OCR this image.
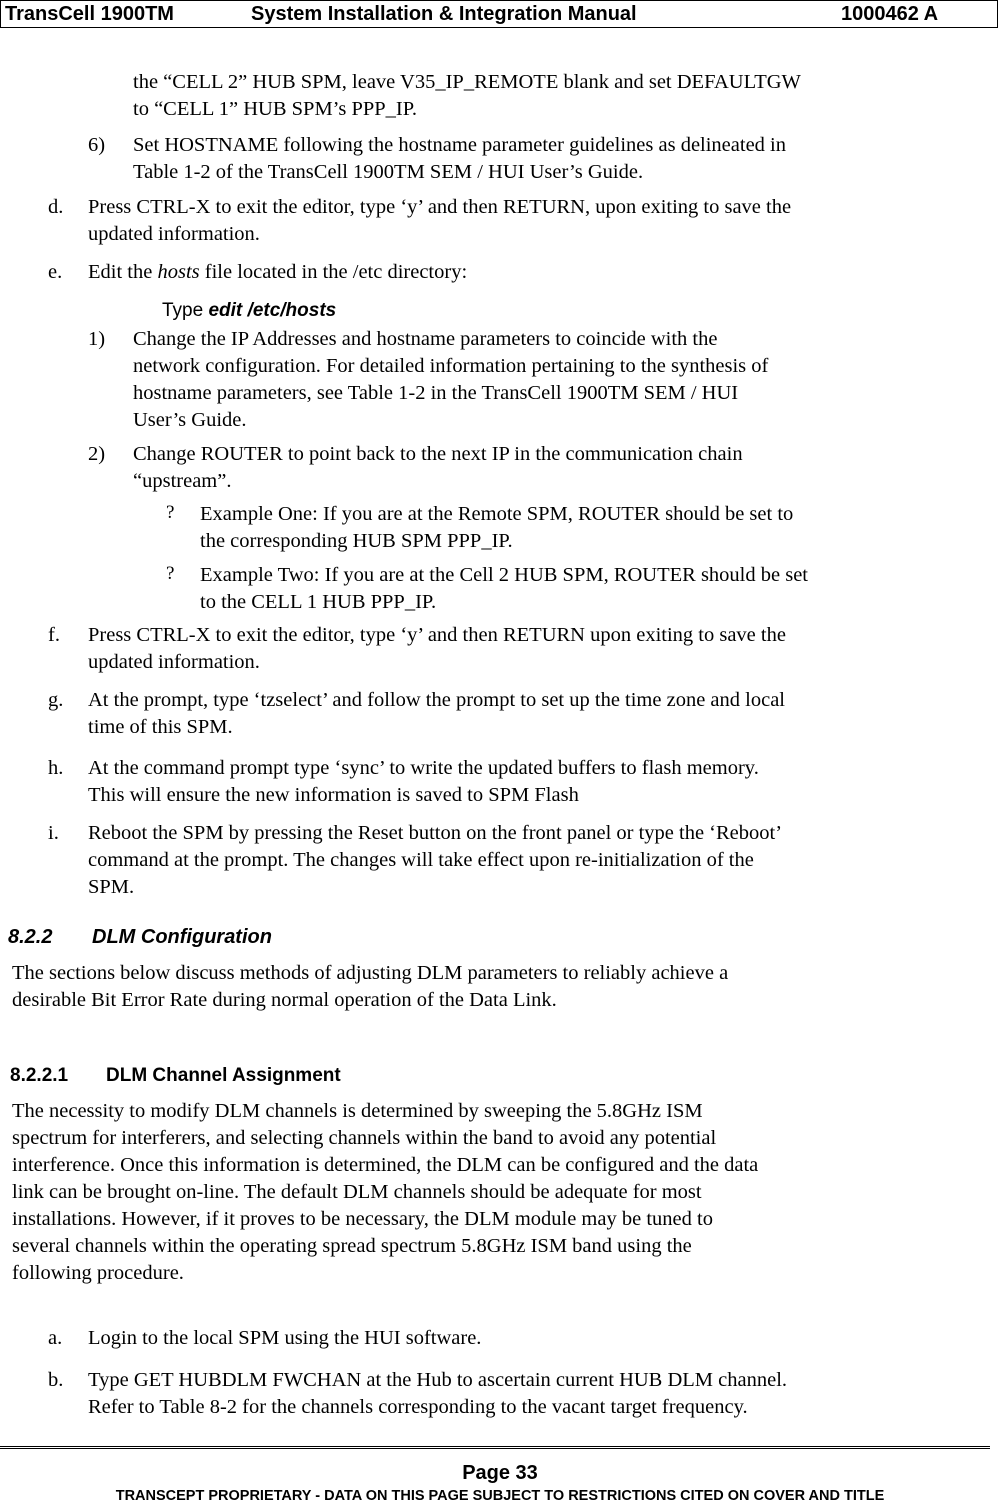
TransCell 1900TM	System Installation & Integration Manual	1000462 A
the “CELL 2” HUB SPM, leave V35_IP_REMOTE blank and set DEFAULTGW
to “CELL 1” HUB SPM’s PPP_IP.
6) Set HOSTNAME following the hostname parameter guidelines as delineated in
Table 1-2 of the TransCell 1900TM SEM / HUI User’s Guide.
d. Press CTRL-X to exit the editor, type ‘y’ and then RETURN, upon exiting to save the
updated information.
e. Edit the hosts file located in the /etc directory:
Type edit /etc/hosts
1) Change the IP Addresses and hostname parameters to coincide with the
network configuration. For detailed information pertaining to the synthesis of
hostname parameters, see Table 1-2 in the TransCell 1900TM SEM / HUI
User’s Guide.
2) Change ROUTER to point back to the next IP in the communication chain
“upstream”.
? Example One: If you are at the Remote SPM, ROUTER should be set to
the corresponding HUB SPM PPP_IP.
? Example Two: If you are at the Cell 2 HUB SPM, ROUTER should be set
to the CELL 1 HUB PPP_IP.
f. Press CTRL-X to exit the editor, type ‘y’ and then RETURN upon exiting to save the
updated information.
g. At the prompt, type ‘tzselect’ and follow the prompt to set up the time zone and local
time of this SPM.
h. At the command prompt type ‘sync’ to write the updated buffers to flash memory.
This will ensure the new information is saved to SPM Flash
i. Reboot the SPM by pressing the Reset button on the front panel or type the ‘Reboot’
command at the prompt. The changes will take effect upon re-initialization of the
SPM.
8.2.2 DLM Configuration
The sections below discuss methods of adjusting DLM parameters to reliably achieve a
desirable Bit Error Rate during normal operation of the Data Link.
8.2.2.1 DLM Channel Assignment
The necessity to modify DLM channels is determined by sweeping the 5.8GHz ISM
spectrum for interferers, and selecting channels within the band to avoid any potential
interference. Once this information is determined, the DLM can be configured and the data
link can be brought on-line. The default DLM channels should be adequate for most
installations. However, if it proves to be necessary, the DLM module may be tuned to
several channels within the operating spread spectrum 5.8GHz ISM band using the
following procedure.
a. Login to the local SPM using the HUI software.
b. Type GET HUBDLM FWCHAN at the Hub to ascertain current HUB DLM channel.
Refer to Table 8-2 for the channels corresponding to the vacant target frequency.
Page 33
TRANSCEPT PROPRIETARY - DATA ON THIS PAGE SUBJECT TO RESTRICTIONS CITED ON COVER AND TITLE
